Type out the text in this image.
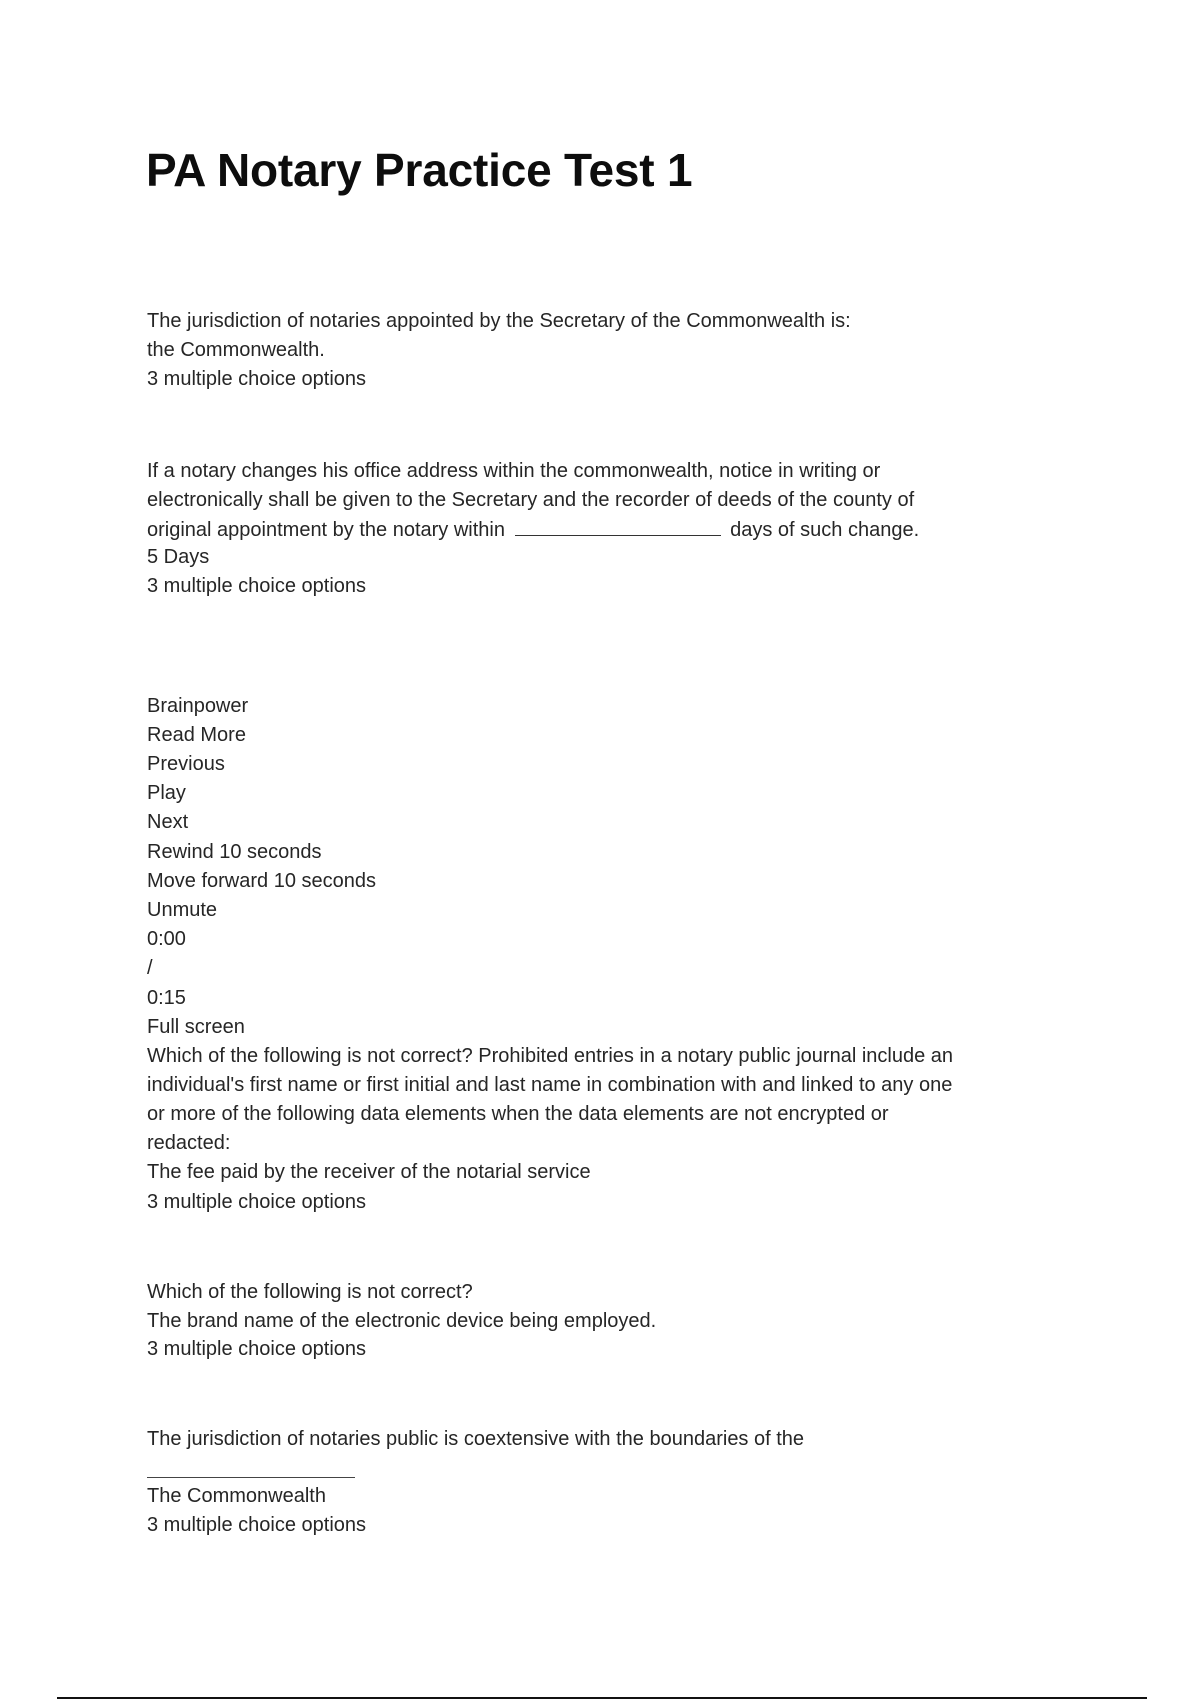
PA Notary Practice Test 1
The jurisdiction of notaries appointed by the Secretary of the Commonwealth is:
the Commonwealth.
3 multiple choice options
If a notary changes his office address within the commonwealth, notice in writing or
electronically shall be given to the Secretary and the recorder of deeds of the county of
original appointment by the notary within	days of such change.
5 Days
3 multiple choice options
Brainpower
Read More
Previous
Play
Next
Rewind 10 seconds
Move forward 10 seconds
Unmute
0:00
/
0:15
Full screen
Which of the following is not correct? Prohibited entries in a notary public journal include an
individual's first name or first initial and last name in combination with and linked to any one
or more of the following data elements when the data elements are not encrypted or
redacted:
The fee paid by the receiver of the notarial service
3 multiple choice options
Which of the following is not correct?
The brand name of the electronic device being employed.
3 multiple choice options
The jurisdiction of notaries public is coextensive with the boundaries of the
The Commonwealth
3 multiple choice options
